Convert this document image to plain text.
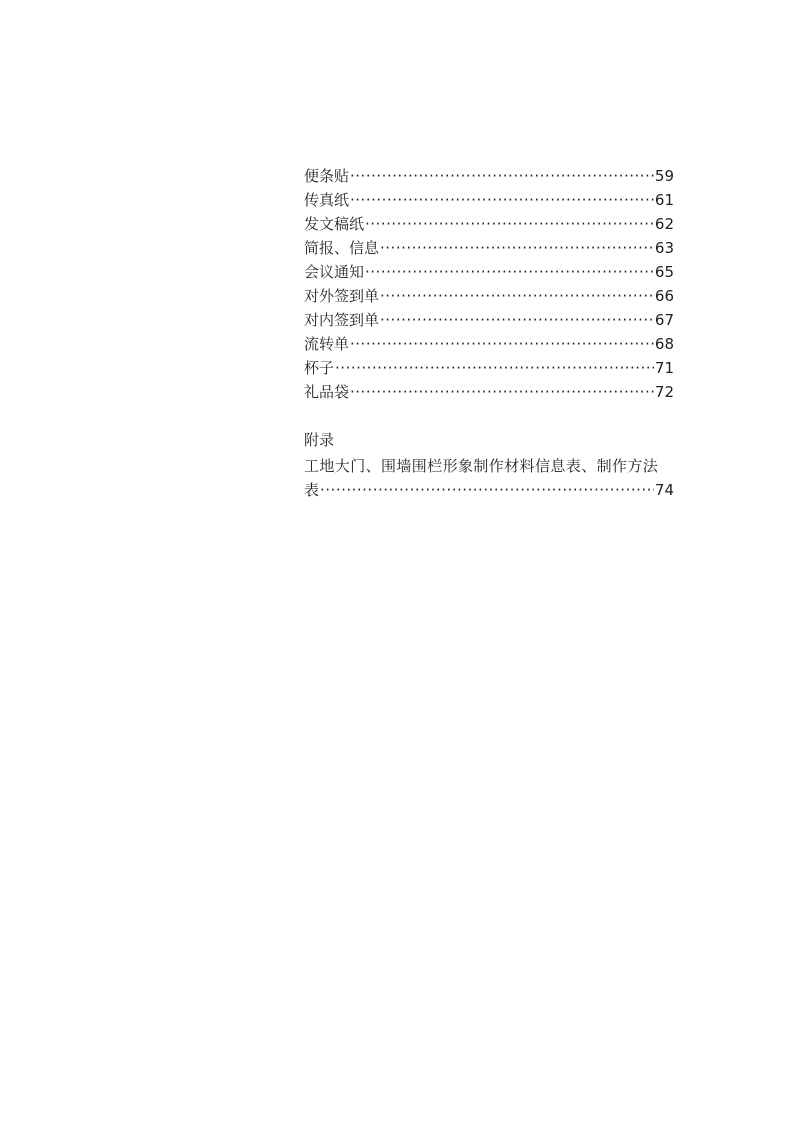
便条贴 ·····	59
传真纸 ·····	61
发文稿纸 ·····	62
简报、信息 ·····	63
会议通知 ·····	65
对外签到单 ·····	66
对内签到单 ·····	67
流转单 ·····	68
杯子 ·····	71
礼品袋 ·····	72
附录
工地大门、围墙围栏形象制作材料信息表、制作方法
表 ·····	74
